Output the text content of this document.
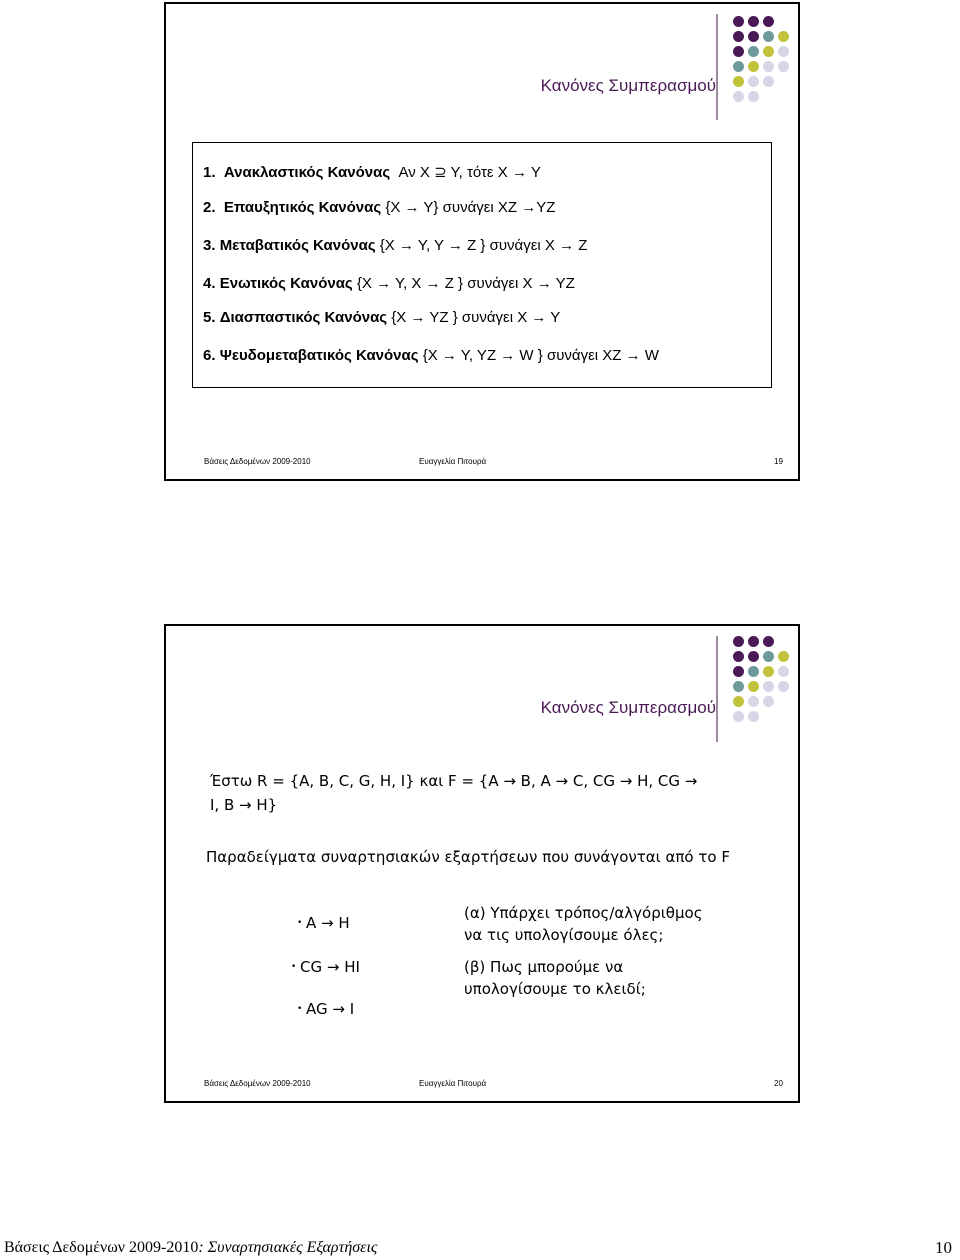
Κανόνες Συμπερασμού
1. Ανακλαστικός Κανόνας Αν X ⊇ Y, τότε X → Y
2. Επαυξητικός Κανόνας {X → Y} συνάγει XZ →YZ
3. Μεταβατικός Κανόνας {X → Y, Y → Z } συνάγει X → Z
4. Ενωτικός Κανόνας {X → Y, X → Z } συνάγει X → YZ
5. Διασπαστικός Κανόνας {X → YZ } συνάγει X → Y
6. Ψευδομεταβατικός Κανόνας {X → Y, YZ → W } συνάγει XZ → W
Βάσεις Δεδομένων 2009-2010	Ευαγγελία Πιτουρά	19
Κανόνες Συμπερασμού
Έστω R = {A, B, C, G, H, I} και F = {A → B, A → C, CG → H, CG →
I, B → H}
Παραδείγματα συναρτησιακών εξαρτήσεων που συνάγονται από το F
• A → H
• CG → HI
• AG → I
(α) Υπάρχει τρόπος/αλγόριθμος
να τις υπολογίσουμε όλες;
(β) Πως μπορούμε να
υπολογίσουμε το κλειδί;
Βάσεις Δεδομένων 2009-2010	Ευαγγελία Πιτουρά	20
Βάσεις Δεδομένων 2009-2010: Συναρτησιακές Εξαρτήσεις	10
